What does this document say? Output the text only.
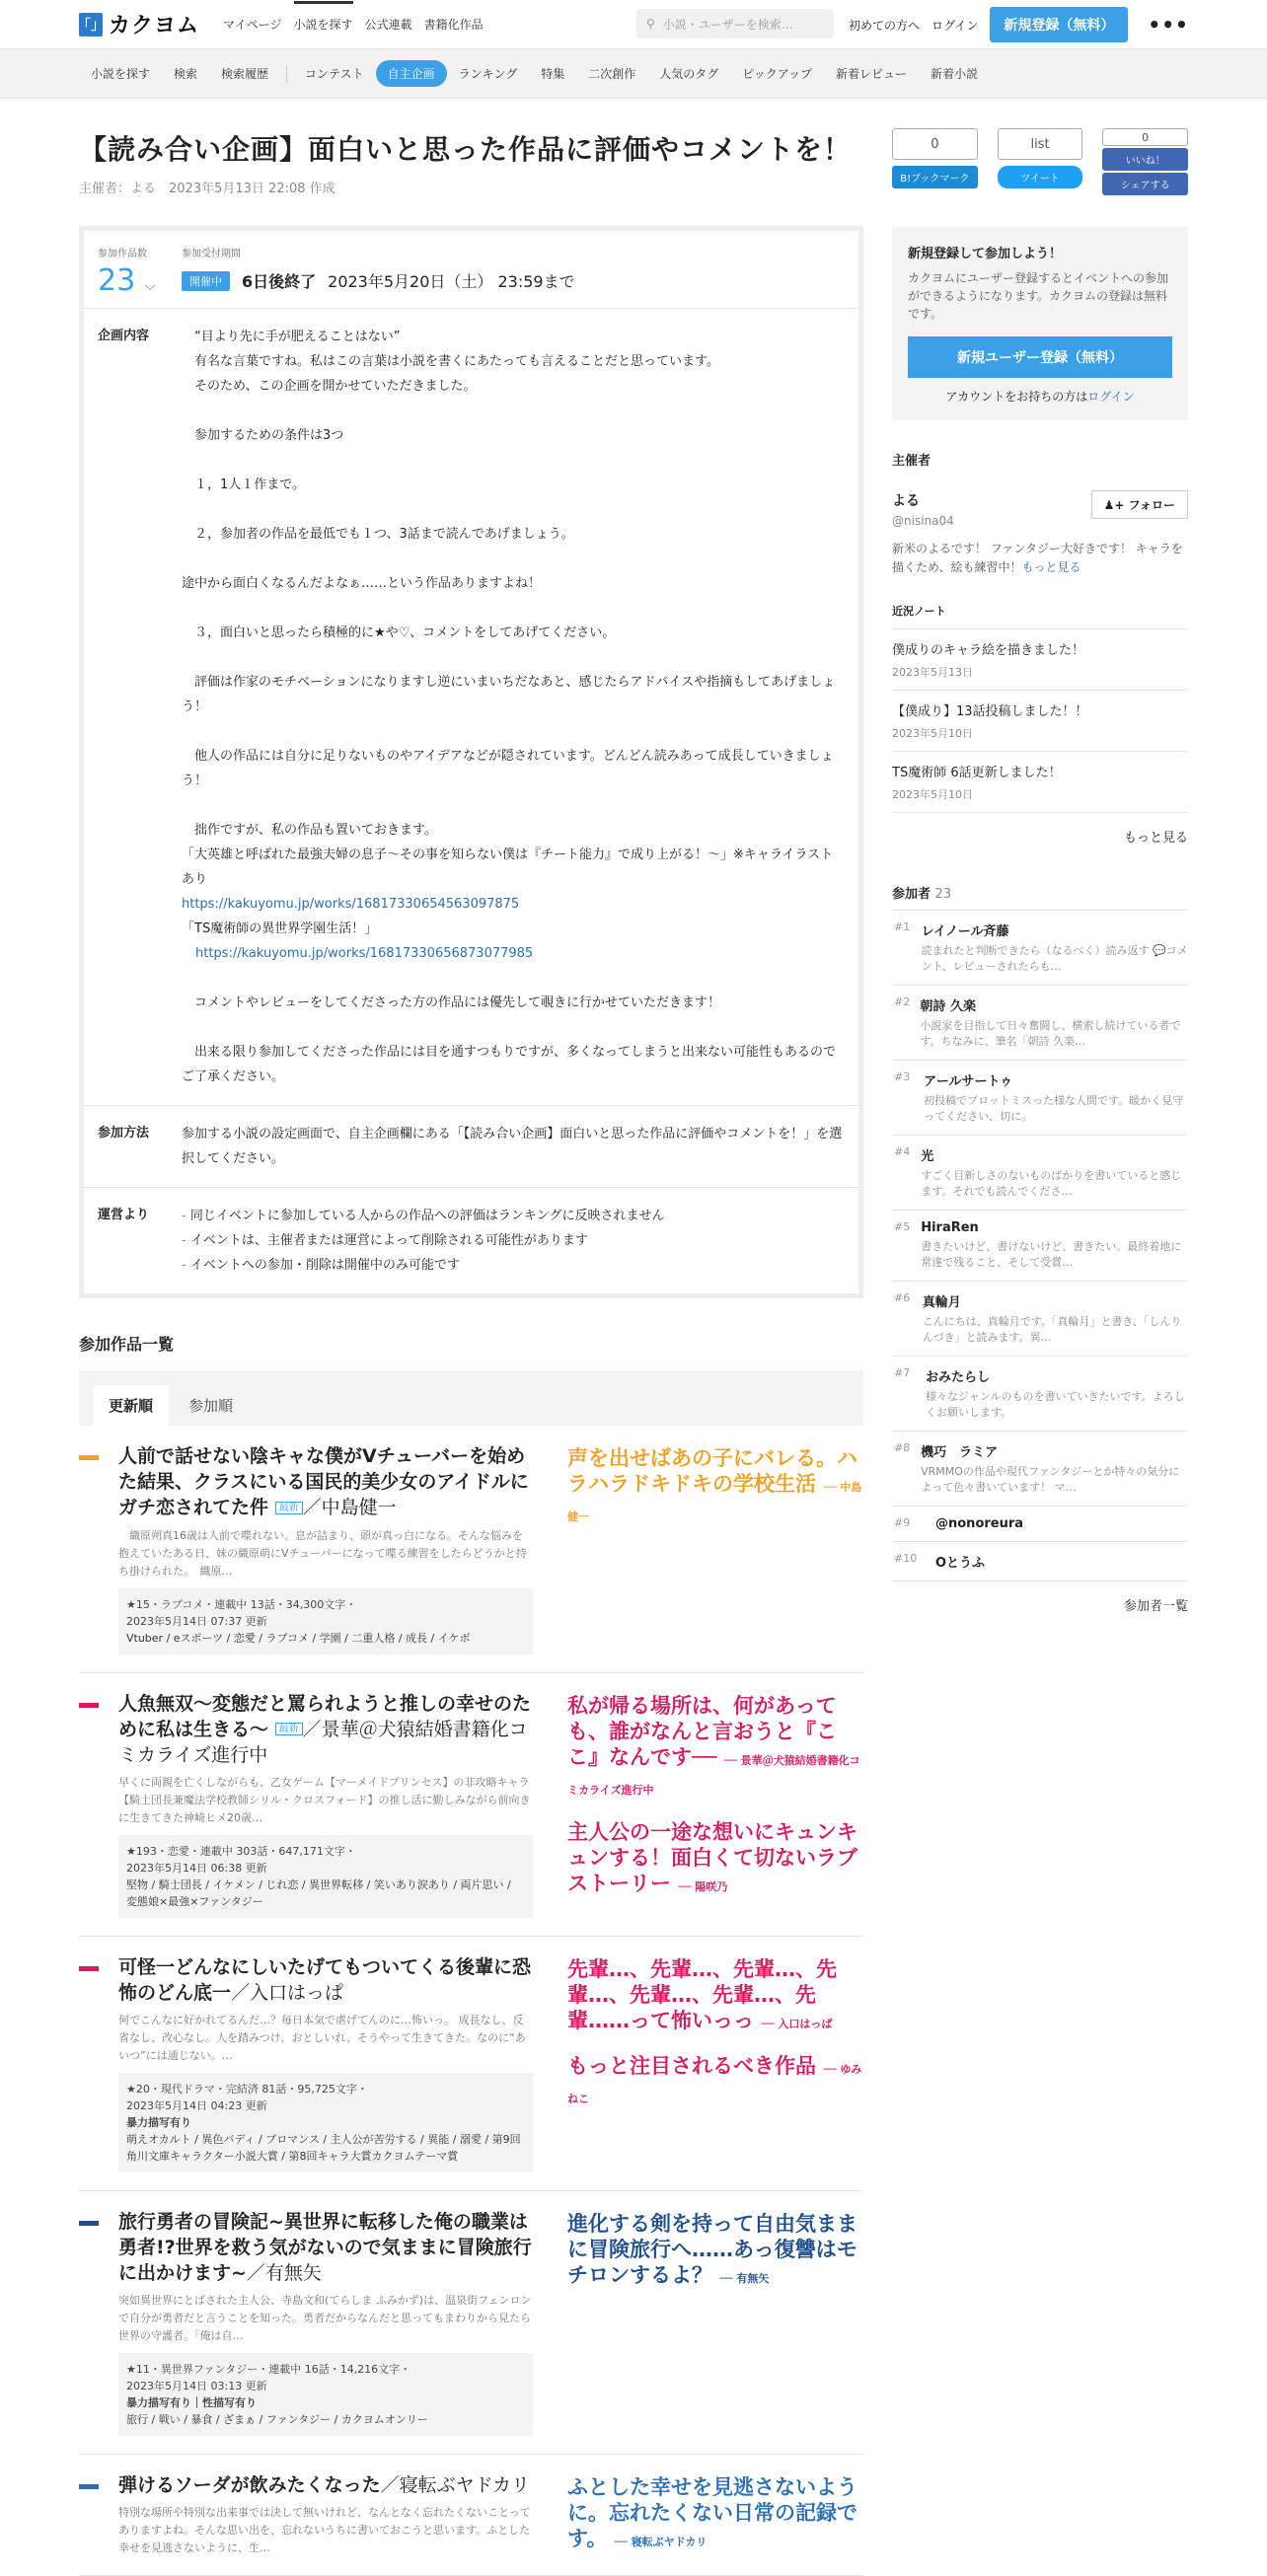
「」 カクヨム マイページ 小説を探す 公式連載 書籍化作品	⚲ 小説・ユーザーを検索…	初めての方へ ログイン	新規登録（無料）	•••
小説を探す	検索	検索履歴	コンテスト	自主企画	ランキング	特集	二次創作	人気のタグ	ピックアップ	新着レビュー	新着小説
【読み合い企画】面白いと思った作品に評価やコメントを！
主催者：よる　2023年5月13日 22:08 作成
参加作品数
23 ⌵
参加受付期間
開催中	6日後終了 2023年5月20日（土） 23:59まで
企画内容	　“目より先に手が肥えることはない”

　有名な言葉ですね。私はこの言葉は小説を書くにあたっても言えることだと思っています。

　そのため、この企画を開かせていただきました。

　参加するための条件は3つ

　１，1人１作まで。

　２，参加者の作品を最低でも１つ、3話まで読んであげましょう。

途中から面白くなるんだよなぁ……という作品ありますよね！

　３，面白いと思ったら積極的に★や♡、コメントをしてあげてください。

　評価は作家のモチベーションになりますし逆にいまいちだなあと、感じたらアドバイスや指摘もしてあげましょう！

　他人の作品には自分に足りないものやアイデアなどが隠されています。どんどん読みあって成長していきましょう！

　拙作ですが、私の作品も置いておきます。

「大英雄と呼ばれた最強夫婦の息子～その事を知らない僕は『チート能力』で成り上がる！〜」※キャライラストあり

https://kakuyomu.jp/works/16817330654563097875

「TS魔術師の異世界学園生活！」

https://kakuyomu.jp/works/16817330656873077985

　コメントやレビューをしてくださった方の作品には優先して覗きに行かせていただきます！

　出来る限り参加してくださった作品には目を通すつもりですが、多くなってしまうと出来ない可能性もあるのでご了承ください。

参加方法	参加する小説の設定画面で、自主企画欄にある「【読み合い企画】面白いと思った作品に評価やコメントを！」を選択してください。
運営より
-	同じイベントに参加している人からの作品への評価はランキングに反映されません
- イベントは、主催者または運営によって削除される可能性があります
- イベントへの参加・削除は開催中のみ可能です
参加作品一覧
更新順	参加順
人前で話せない陰キャな僕がVチューバーを始めた結果、クラスにいる国民的美少女のアイドルにガチ恋されてた件 最新 ／中島健一
　織原朔真16歳は人前で喋れない。息が詰まり、頭が真っ白になる。そんな悩みを抱えていたある日、妹の織原萌にVチューバーになって喋る練習をしたらどうかと持ち掛けられた。　織原…
★15・ラブコメ・連載中 13話・34,300文字・
2023年5月14日 07:37 更新
Vtuber / eスポーツ / 恋愛 / ラブコメ / 学園 / 二重人格 / 成長 / イケボ
声を出せばあの子にバレる。ハラハラドキドキの学校生活 ── 中島健一
人魚無双〜変態だと罵られようと推しの幸せのために私は生きる〜 最新 ／景華＠犬猿結婚書籍化コミカライズ進行中
早くに両親を亡くしながらも、乙女ゲーム【マーメイドプリンセス】の非攻略キャラ【騎士団長兼魔法学校教師シリル・クロスフォード】の推し活に勤しみながら前向きに生きてきた神崎ヒメ20歳…
★193・恋愛・連載中 303話・647,171文字・
2023年5月14日 06:38 更新
堅物 / 騎士団長 / イケメン / じれ恋 / 異世界転移 / 笑いあり涙あり / 両片思い / 変態娘×最強×ファンタジー
私が帰る場所は、何があっても、誰がなんと言おうと『ここ』なんです── ── 景華＠犬猿結婚書籍化コミカライズ進行中
主人公の一途な想いにキュンキュンする！面白くて切ないラブストーリー ── 陽咲乃
可怪一どんなにしいたげてもついてくる後輩に恐怖のどん底一／入口はっぱ
何でこんなに好かれてるんだ…？毎日本気で虐げてんのに…怖いっ。 成長なし、反省なし、改心なし。人を踏みつけ、おとしいれ、そうやって生きてきた。なのに“あいつ”には通じない。…
★20・現代ドラマ・完結済 81話・95,725文字・
2023年5月14日 04:23 更新
暴力描写有り
萌えオカルト / 異色バディ / ブロマンス / 主人公が苦労する / 異能 / 溺愛 / 第9回角川文庫キャラクター小説大賞 / 第8回キャラ大賞カクヨムテーマ賞
先輩…、先輩…、先輩…、先輩…、先輩…、先輩…、先輩……って怖いっっ ── 入口はっぱ
もっと注目されるべき作品 ── ゆみねこ
旅行勇者の冒険記~異世界に転移した俺の職業は勇者!?世界を救う気がないので気ままに冒険旅行に出かけます~／有無矢
突如異世界にとばされた主人公、寺島文和(てらしま ふみかず)は、温泉街フェンロンで自分が勇者だと言うことを知った。勇者だからなんだと思ってもまわりから見たら世界の守護者。「俺は自…
★11・異世界ファンタジー・連載中 16話・14,216文字・
2023年5月14日 03:13 更新
暴力描写有り｜性描写有り
旅行 / 戦い / 暴食 / ざまぁ / ファンタジー / カクヨムオンリー
進化する剣を持って自由気ままに冒険旅行へ……あっ復讐はモチロンするよ？ ── 有無矢
弾けるソーダが飲みたくなった／寝転ぶヤドカリ
特別な場所や特別な出来事では決して無いけれど、なんとなく忘れたくないことってありますよね。そんな思い出を、忘れないうちに書いておこうと思います。ふとした幸せを見逃さないように、生…
ふとした幸せを見逃さないように。忘れたくない日常の記録です。 ── 寝転ぶヤドカリ
0
B!ブックマーク
list
ツイート
0
いいね！
シェアする
新規登録して参加しよう！

カクヨムにユーザー登録するとイベントへの参加ができるようになります。カクヨムの登録は無料です。

新規ユーザー登録（無料）
アカウントをお持ちの方はログイン
主催者
よる
@nisina04
♟+ フォロー
新米のよるです！ ファンタジー大好きです！ キャラを描くため、絵も練習中！もっと見る
近況ノート
僕成りのキャラ絵を描きました！
2023年5月13日
【僕成り】13話投稿しました！！
2023年5月10日
TS魔術師 6話更新しました！
2023年5月10日
もっと見る
参加者 23
#1 レイノール斉藤
読まれたと判断できたら（なるべく）読み返す 💬コメント、レビューされたらも…
#2 朝詩 久楽
小説家を目指して日々奮闘し、横索し続けている者です。ちなみに、筆名「朝詩 久楽…
#3	アールサートゥ
初投稿でプロットミスった様な人間です。暖かく見守ってください、切に。
#4 光
すごく目新しさのないものばかりを書いていると感じます。それでも読んでくださ…
#5 HiraRen
書きたいけど、書けないけど、書きたい。最終着地に常達で残ること、そして受賞…
#6 真輪月
こんにちは、真輪月です。「真輪月」と書き、「しんりんづき」と読みます。異…
#7	おみたらし
様々なジャンルのものを書いていきたいです。よろしくお願いします。
#8 機巧　ラミア
VRMMOの作品や現代ファンタジーとか特々の気分によって色々書いています！ マ…
#9	@nonoreura
#10	Oとうふ
参加者一覧
